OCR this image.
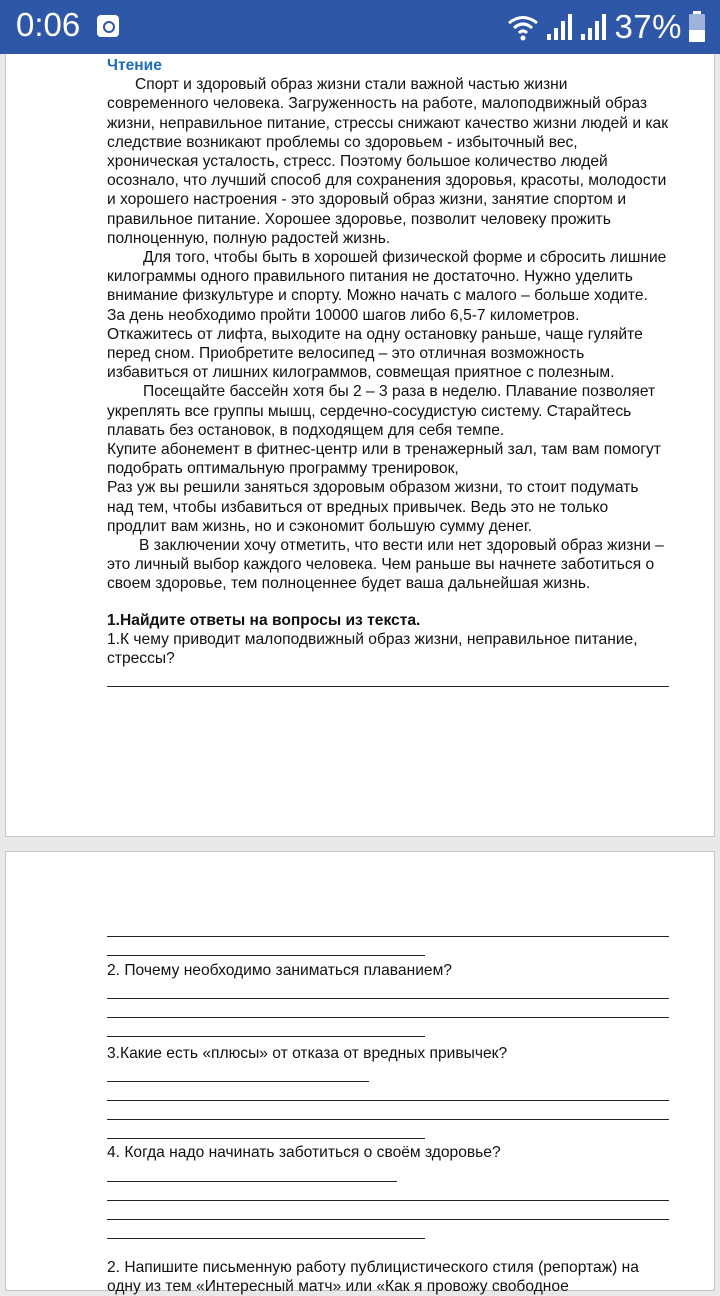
0:06	37%

Чтение

Спорт и здоровый образ жизни стали важной частью жизни современного человека. Загруженность на работе, малоподвижный образ жизни, неправильное питание, стрессы снижают качество жизни людей и как следствие возникают проблемы со здоровьем - избыточный вес, хроническая усталость, стресс. Поэтому большое количество людей осознало, что лучший способ для сохранения здоровья, красоты, молодости и хорошего настроения - это здоровый образ жизни, занятие спортом и правильное питание. Хорошее здоровье, позволит человеку прожить полноценную, полную радостей жизнь.

Для того, чтобы быть в хорошей физической форме и сбросить лишние килограммы одного правильного питания не достаточно. Нужно уделить внимание физкультуре и спорту. Можно начать с малого – больше ходите. За день необходимо пройти 10000 шагов либо 6,5-7 километров. Откажитесь от лифта, выходите на одну остановку раньше, чаще гуляйте перед сном. Приобретите велосипед – это отличная возможность избавиться от лишних килограммов, совмещая приятное с полезным.

Посещайте бассейн хотя бы 2 – 3 раза в неделю. Плавание позволяет укреплять все группы мышц, сердечно-сосудистую систему. Старайтесь плавать без остановок, в подходящем для себя темпе.

Купите абонемент в фитнес-центр или в тренажерный зал, там вам помогут подобрать оптимальную программу тренировок,

Раз уж вы решили заняться здоровым образом жизни, то стоит подумать над тем, чтобы избавиться от вредных привычек. Ведь это не только продлит вам жизнь, но и сэкономит большую сумму денег.

В заключении хочу отметить, что вести или нет здоровый образ жизни – это личный выбор каждого человека. Чем раньше вы начнете заботиться о своем здоровье, тем полноценнее будет ваша дальнейшая жизнь.

1.Найдите ответы на вопросы из текста.

1.К чему приводит малоподвижный образ жизни, неправильное питание, стрессы?

2. Почему необходимо заниматься плаванием?

3.Какие есть «плюсы» от отказа от вредных привычек?

4. Когда надо начинать заботиться о своём здоровье?

2. Напишите письменную работу публицистического стиля (репортаж) на одну из тем «Интересный матч» или «Как я провожу свободное
